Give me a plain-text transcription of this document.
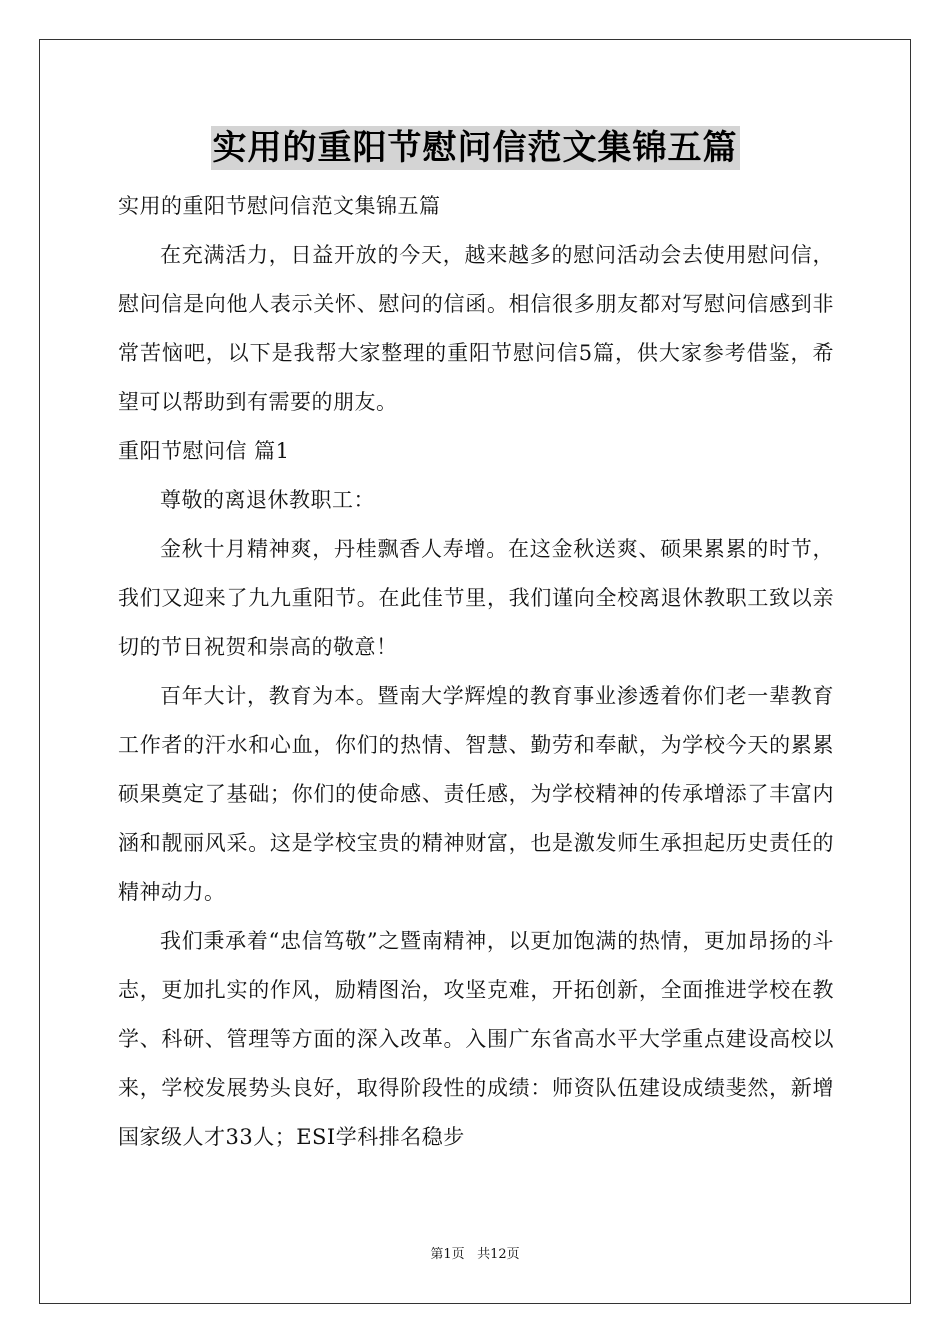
实用的重阳节慰问信范文集锦五篇

实用的重阳节慰问信范文集锦五篇

在充满活力，日益开放的今天，越来越多的慰问活动会去使用慰问信，慰问信是向他人表示关怀、慰问的信函。相信很多朋友都对写慰问信感到非常苦恼吧，以下是我帮大家整理的重阳节慰问信5篇，供大家参考借鉴，希望可以帮助到有需要的朋友。

重阳节慰问信 篇1

尊敬的离退休教职工：

金秋十月精神爽，丹桂飘香人寿增。在这金秋送爽、硕果累累的时节，我们又迎来了九九重阳节。在此佳节里，我们谨向全校离退休教职工致以亲切的节日祝贺和崇高的敬意！

百年大计，教育为本。暨南大学辉煌的教育事业渗透着你们老一辈教育工作者的汗水和心血，你们的热情、智慧、勤劳和奉献，为学校今天的累累硕果奠定了基础；你们的使命感、责任感，为学校精神的传承增添了丰富内涵和靓丽风采。这是学校宝贵的精神财富，也是激发师生承担起历史责任的精神动力。

我们秉承着“忠信笃敬”之暨南精神，以更加饱满的热情，更加昂扬的斗志，更加扎实的作风，励精图治，攻坚克难，开拓创新，全面推进学校在教学、科研、管理等方面的深入改革。入围广东省高水平大学重点建设高校以来，学校发展势头良好，取得阶段性的成绩：师资队伍建设成绩斐然，新增国家级人才33人；ESI学科排名稳步

第1页 共12页
